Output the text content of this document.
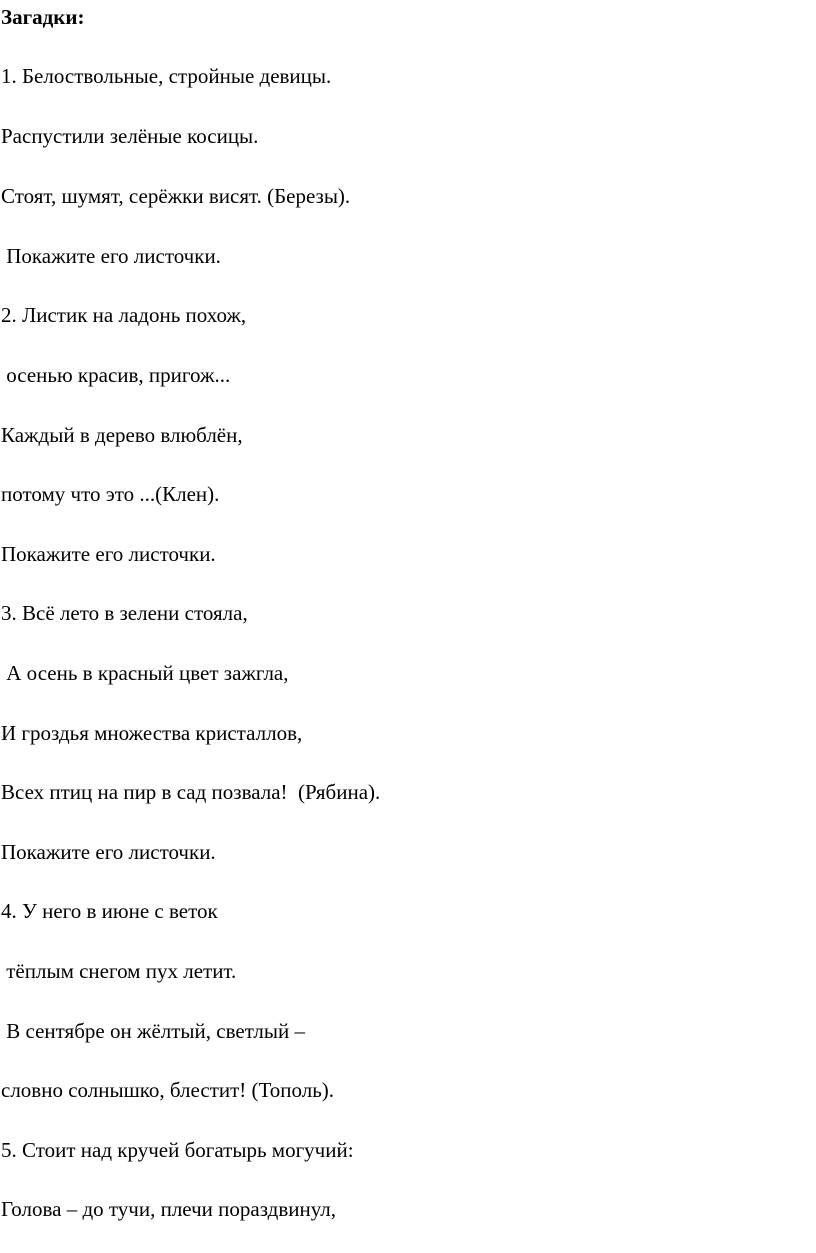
Загадки:

1. Белоствольные, стройные девицы.

Распустили зелёные косицы.

Стоят, шумят, серёжки висят. (Березы).

Покажите его листочки.

2. Листик на ладонь похож,

осенью красив, пригож...

Каждый в дерево влюблён,

потому что это ...(Клен).

Покажите его листочки.

3. Всё лето в зелени стояла,

А осень в красный цвет зажгла,

И гроздья множества кристаллов,

Всех птиц на пир в сад позвала!  (Рябина).

Покажите его листочки.

4. У него в июне с веток

тёплым снегом пух летит.

В сентябре он жёлтый, светлый –

словно солнышко, блестит! (Тополь).

5. Стоит над кручей богатырь могучий:

Голова – до тучи, плечи пораздвинул,
